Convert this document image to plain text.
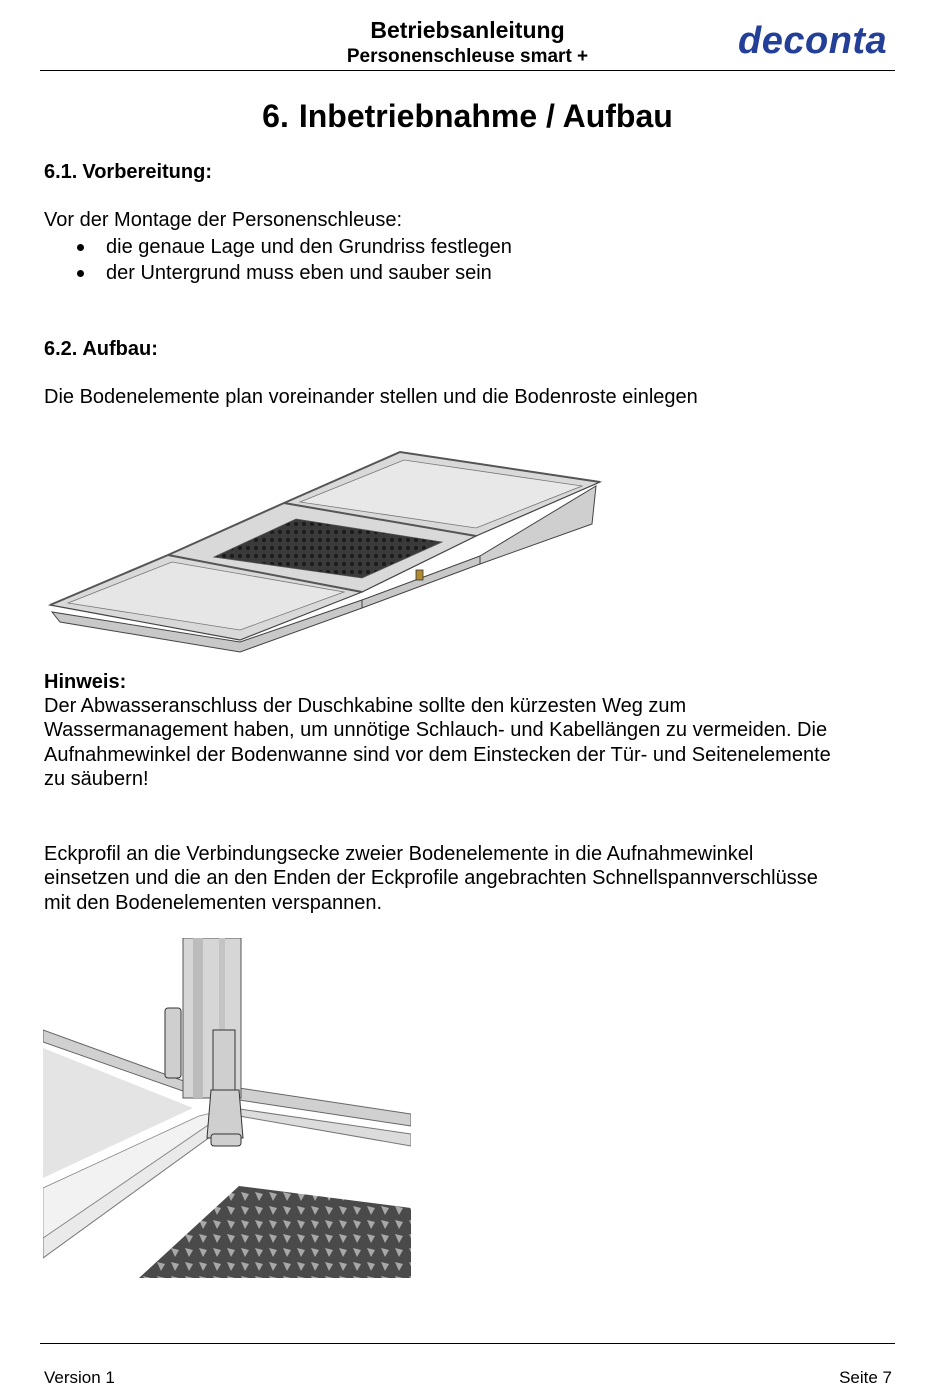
Betriebsanleitung
Personenschleuse smart +	deconta
6. Inbetriebnahme / Aufbau
6.1. Vorbereitung:
Vor der Montage der Personenschleuse:
die genaue Lage und den Grundriss festlegen
der Untergrund muss eben und sauber sein
6.2. Aufbau:
Die Bodenelemente plan voreinander stellen und die Bodenroste einlegen
Hinweis:
Der Abwasseranschluss der Duschkabine sollte den kürzesten Weg zum
Wassermanagement haben, um unnötige Schlauch- und Kabellängen zu vermeiden. Die
Aufnahmewinkel der Bodenwanne sind vor dem Einstecken der Tür- und Seitenelemente
zu säubern!
Eckprofil an die Verbindungsecke zweier Bodenelemente in die Aufnahmewinkel
einsetzen und die an den Enden der Eckprofile angebrachten Schnellspannverschlüsse
mit den Bodenelementen verspannen.
Version 1	Seite 7
